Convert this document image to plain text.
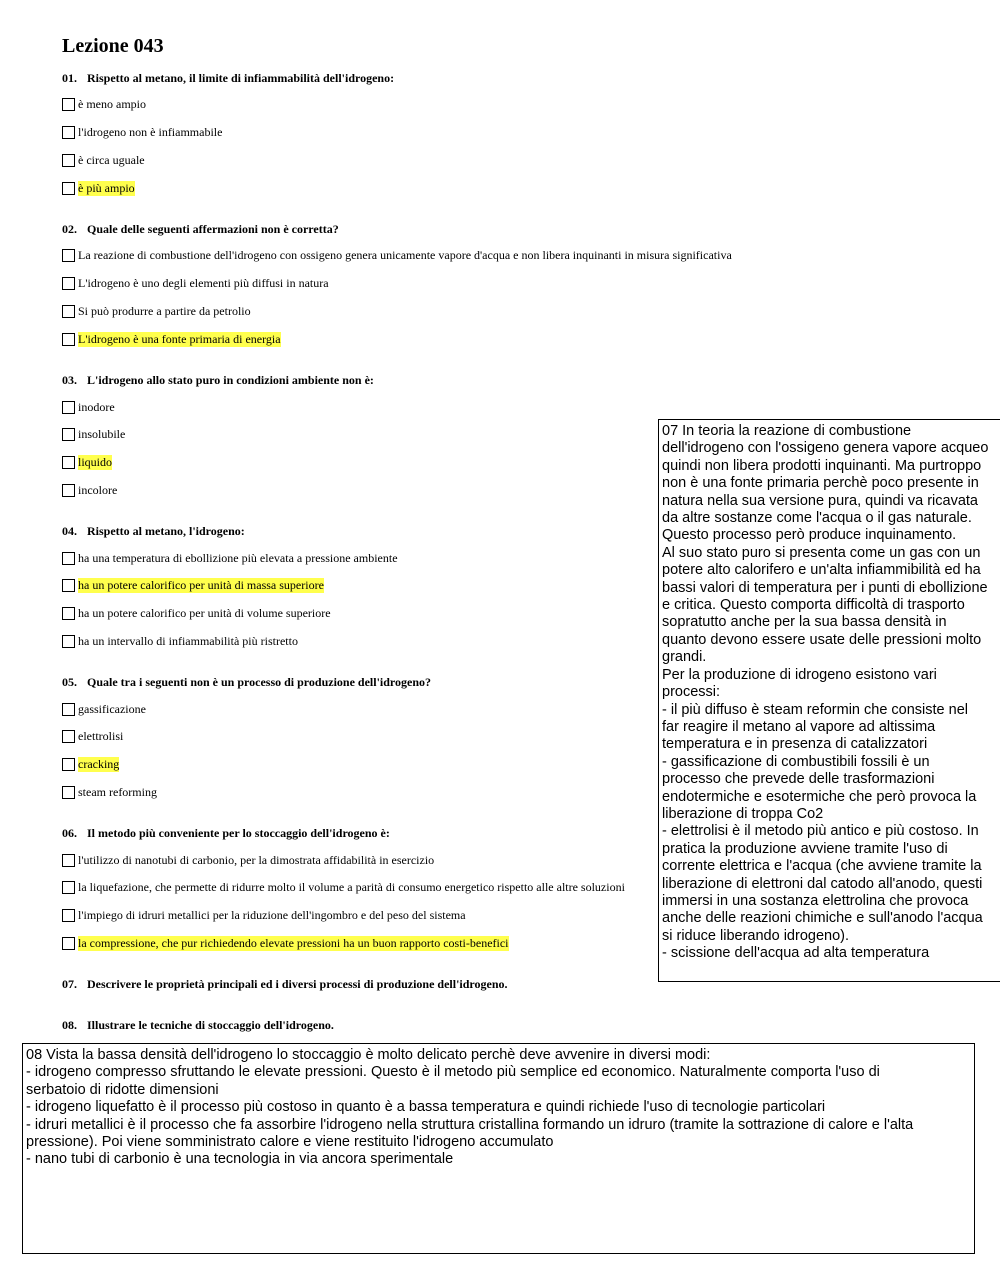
Lezione 043
01. Rispetto al metano, il limite di infiammabilità dell'idrogeno:
è meno ampio
l'idrogeno non è infiammabile
è circa uguale
è più ampio
02. Quale delle seguenti affermazioni non è corretta?
La reazione di combustione dell'idrogeno con ossigeno genera unicamente vapore d'acqua e non libera inquinanti in misura significativa
L'idrogeno è uno degli elementi più diffusi in natura
Si può produrre a partire da petrolio
L'idrogeno è una fonte primaria di energia
03. L'idrogeno allo stato puro in condizioni ambiente non è:
inodore
insolubile
liquido
incolore
04. Rispetto al metano, l'idrogeno:
ha una temperatura di ebollizione più elevata a pressione ambiente
ha un potere calorifico per unità di massa superiore
ha un potere calorifico per unità di volume superiore
ha un intervallo di infiammabilità più ristretto
05. Quale tra i seguenti non è un processo di produzione dell'idrogeno?
gassificazione
elettrolisi
cracking
steam reforming
06. Il metodo più conveniente per lo stoccaggio dell'idrogeno è:
l'utilizzo di nanotubi di carbonio, per la dimostrata affidabilità in esercizio
la liquefazione, che permette di ridurre molto il volume a parità di consumo energetico rispetto alle altre soluzioni
l'impiego di idruri metallici per la riduzione dell'ingombro e del peso del sistema
la compressione, che pur richiedendo elevate pressioni ha un buon rapporto costi-benefici
07. Descrivere le proprietà principali ed i diversi processi di produzione dell'idrogeno.
08. Illustrare le tecniche di stoccaggio dell'idrogeno.
07 In teoria la reazione di combustione
dell'idrogeno con l'ossigeno genera vapore acqueo
quindi non libera prodotti inquinanti. Ma purtroppo
non è una fonte primaria perchè poco presente in
natura nella sua versione pura, quindi va ricavata
da altre sostanze come l'acqua o il gas naturale.
Questo processo però produce inquinamento.
Al suo stato puro si presenta come un gas con un
potere alto calorifero e un'alta infiammibilità ed ha
bassi valori di temperatura per i punti di ebollizione
e critica. Questo comporta difficoltà di trasporto
sopratutto anche per la sua bassa densità in
quanto devono essere usate delle pressioni molto
grandi.
Per la produzione di idrogeno esistono vari
processi:
- il più diffuso è steam reformin che consiste nel
far reagire il metano al vapore ad altissima
temperatura e in presenza di catalizzatori
- gassificazione di combustibili fossili è un
processo che prevede delle trasformazioni
endotermiche e esotermiche che però provoca la
liberazione di troppa Co2
- elettrolisi è il metodo più antico e più costoso. In
pratica la produzione avviene tramite l'uso di
corrente elettrica e l'acqua (che avviene tramite la
liberazione di elettroni dal catodo all'anodo, questi
immersi in una sostanza elettrolina che provoca
anche delle reazioni chimiche e sull'anodo l'acqua
si riduce liberando idrogeno).
- scissione dell'acqua ad alta temperatura
08 Vista la bassa densità dell'idrogeno lo stoccaggio è molto delicato perchè deve avvenire in diversi modi:
- idrogeno compresso sfruttando le elevate pressioni. Questo è il metodo più semplice ed economico. Naturalmente comporta l'uso di
serbatoio di ridotte dimensioni
- idrogeno liquefatto è il processo più costoso in quanto è a bassa temperatura e quindi richiede l'uso di tecnologie particolari
- idruri metallici è il processo che fa assorbire l'idrogeno nella struttura cristallina formando un idruro (tramite la sottrazione di calore e l'alta
pressione). Poi viene somministrato calore e viene restituito l'idrogeno accumulato
- nano tubi di carbonio è una tecnologia in via ancora sperimentale
